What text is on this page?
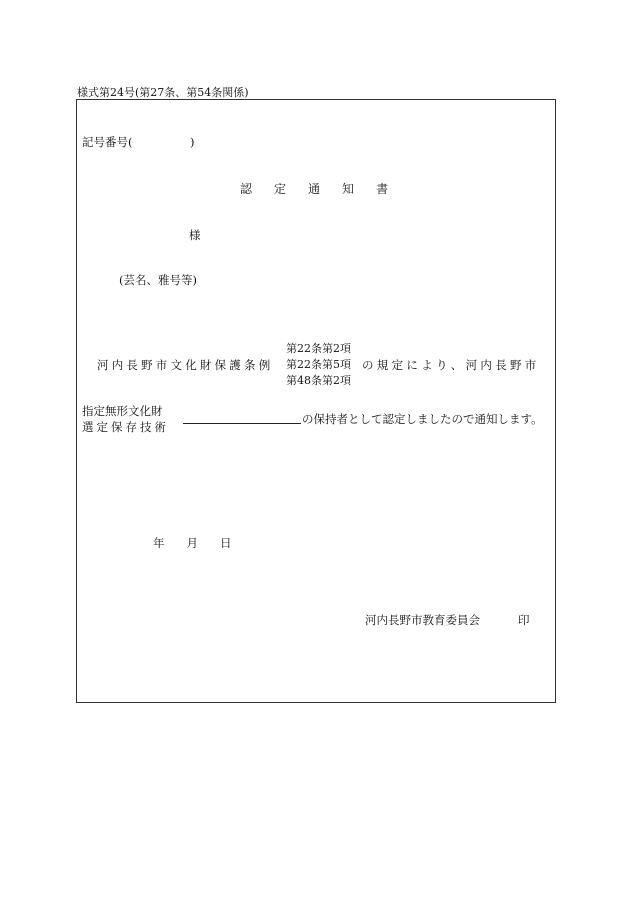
様式第24号(第27条、第54条関係)
記号番号(　　　　　)
認 定 通 知 書
様
(芸名、雅号等)
河内長野市文化財保護条例
第22条第2項
第22条第5項
第48条第2項
の規定により、河内長野市
指定無形文化財
選定保存技術
の保持者として認定しましたので通知します。
年 月 日
河内長野市教育委員会	印
